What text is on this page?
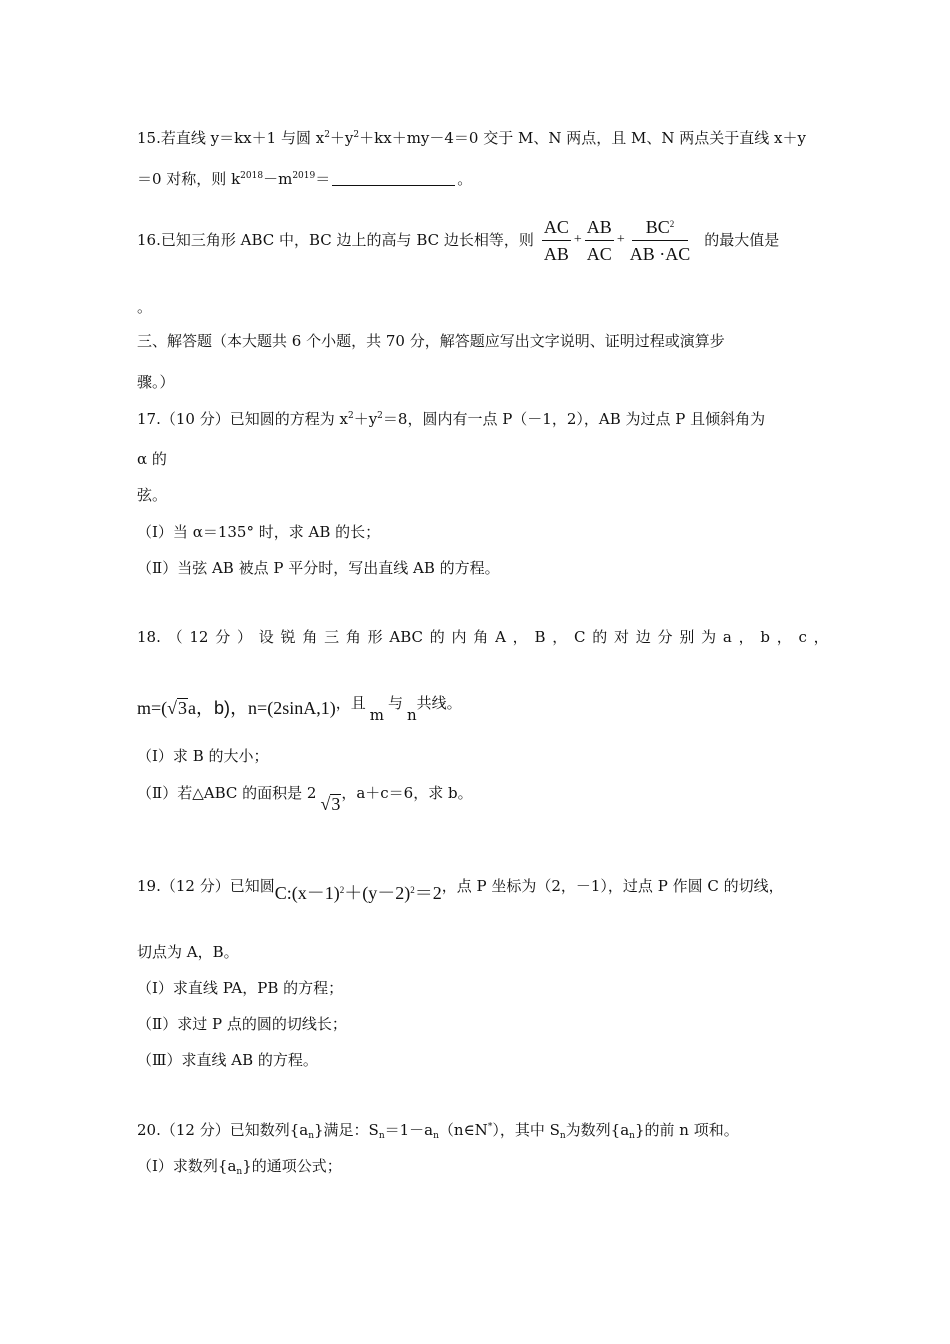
15.若直线 y＝kx＋1 与圆 $x^2+y^2+kx+my-4=0$ 交于 M、N 两点，且 M、N 两点关于直线 x＋y
＝0 对称，则 $k^{2018}-m^{2019}=$	。
16.已知三角形 ABC 中，BC 边上的高与 BC 边长相等，则 $\frac{AC}{AB} + \frac{AB}{AC} + \frac{BC^2}{AB \cdot AC}$ 的最大值是
。
三、解答题（本大题共 6 个小题，共 70 分，解答题应写出文字说明、证明过程或演算步
骤。）
17.（10 分）已知圆的方程为 $x^2+y^2=8$，圆内有一点 P（－1，2），AB 为过点 P 且倾斜角为
α 的
弦。
（Ⅰ）当 α＝135° 时，求 AB 的长；
（Ⅱ）当弦 AB 被点 P 平分时，写出直线 AB 的方程。
18. （ 12 分 ） 设 锐 角 三 角 形 ABC 的 内 角 A ， B ， C 的 对 边 分 别 为 a ， b ， c ，
m=( √ 3 a，b)，n=(2sinA,1)，且m与n共线。
（Ⅰ）求 B 的大小；
（Ⅱ）若△ABC 的面积是 2
√ 3
，a＋c＝6，求 b。
19.（12 分）已知圆$C:(x-1)^2+(y-2)^2=2$，点 P 坐标为（2，－1），过点 P 作圆 C 的切线，
切点为 A，B。
（Ⅰ）求直线 PA，PB 的方程；
（Ⅱ）求过 P 点的圆的切线长；
（Ⅲ）求直线 AB 的方程。
20.（12 分）已知数列$\{a_n\}$满足：$S_n=1-a_n(n\in N^*)$，其中 $S_n$为数列$\{a_n\}$的前 n 项和。
（Ⅰ）求数列$\{a_n\}$的通项公式；
